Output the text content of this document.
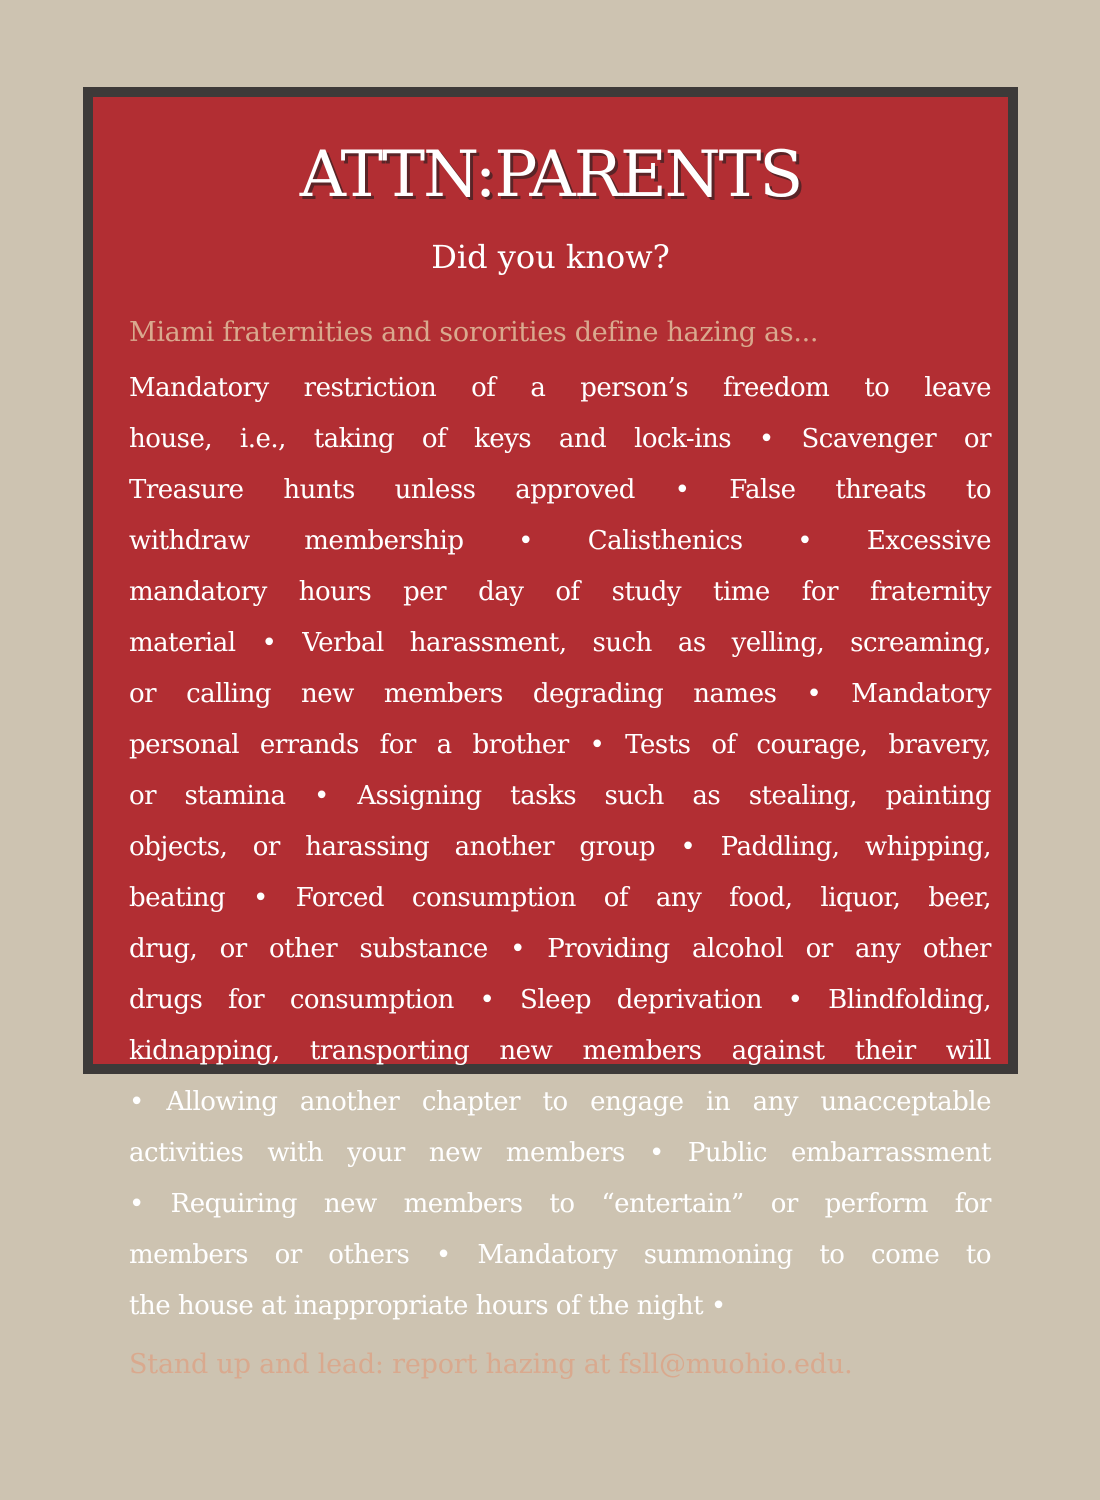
ATTN:PARENTS
Did you know?

Miami fraternities and sororities define hazing as...

Mandatory restriction of a person’s freedom to leave
house, i.e., taking of keys and lock-ins • Scavenger or
Treasure hunts unless approved • False threats to
withdraw membership • Calisthenics • Excessive
mandatory hours per day of study time for fraternity
material • Verbal harassment, such as yelling, screaming,
or calling new members degrading names • Mandatory
personal errands for a brother • Tests of courage, bravery,
or stamina • Assigning tasks such as stealing, painting
objects, or harassing another group • Paddling, whipping,
beating • Forced consumption of any food, liquor, beer,
drug, or other substance • Providing alcohol or any other
drugs for consumption • Sleep deprivation • Blindfolding,
kidnapping, transporting new members against their will
• Allowing another chapter to engage in any unacceptable
activities with your new members • Public embarrassment
• Requiring new members to “entertain” or perform for
members or others • Mandatory summoning to come to
the house at inappropriate hours of the night •

Stand up and lead: report hazing at fsll@muohio.edu.
